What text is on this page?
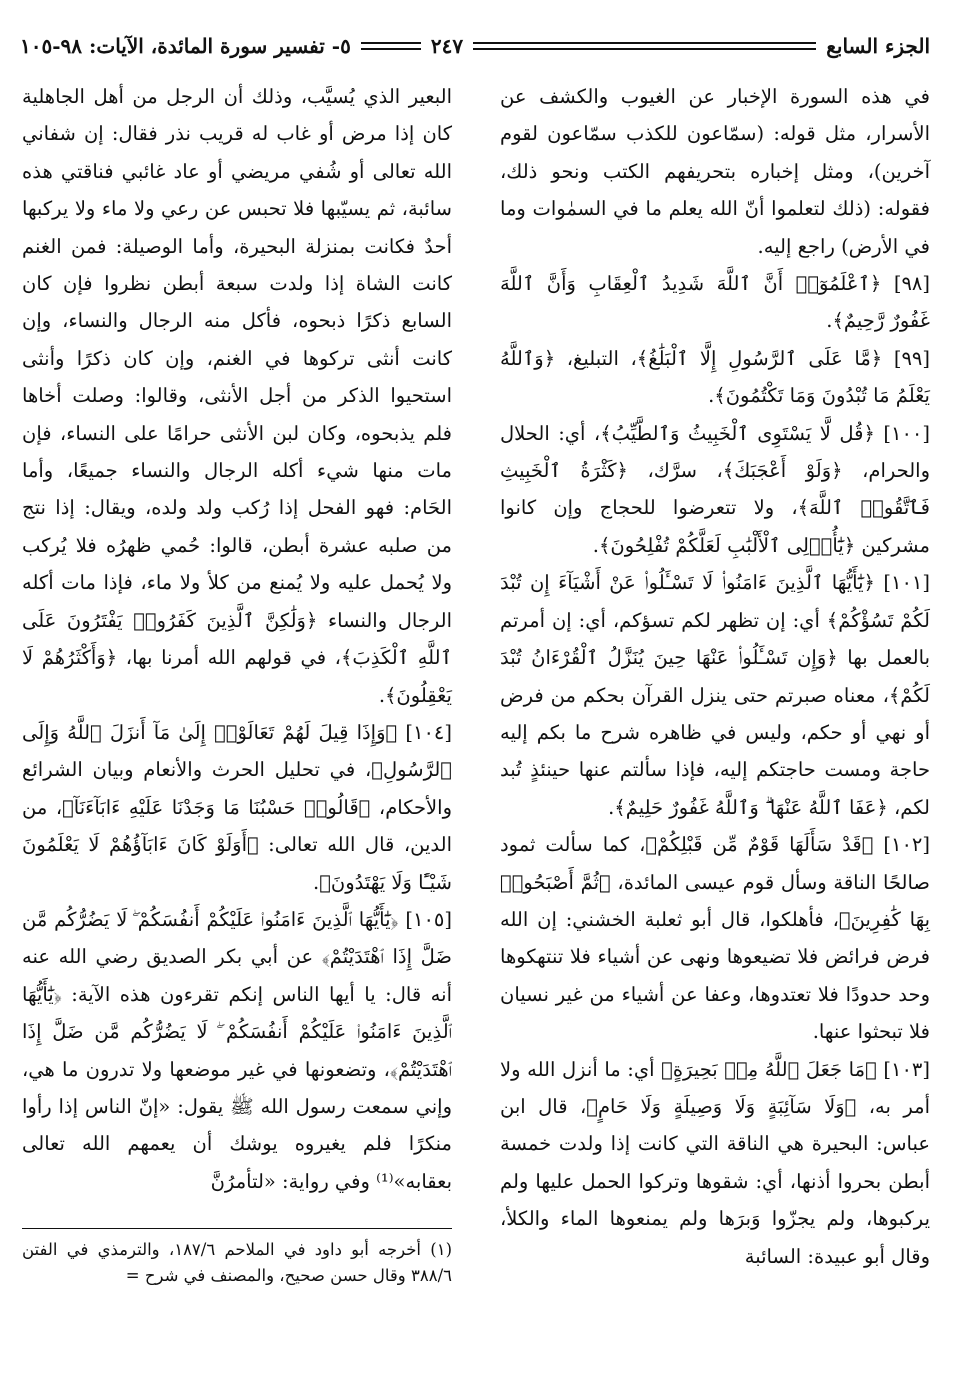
الجزء السابع
٢٤٧
٥- تفسير سورة المائدة، الآيات: ٩٨-١٠٥

في هذه السورة الإخبار عن الغيوب والكشف عن الأسرار، مثل قوله: (سمّاعون للكذب سمّاعون لقوم آخرين)، ومثل إخباره بتحريفهم الكتب ونحو ذلك، فقوله: (ذلك لتعلموا أنّ الله يعلم ما في السمٰوات وما في الأرض) راجع إليه.

[٩٨] ﴿ٱعْلَمُوٓا۟ أَنَّ ٱللَّهَ شَدِيدُ ٱلْعِقَابِ وَأَنَّ ٱللَّهَ غَفُورٌ رَّحِيمٌ﴾.

[٩٩] ﴿مَّا عَلَى ٱلرَّسُولِ إِلَّا ٱلْبَلَٰغُ﴾، التبليغ، ﴿وَٱللَّهُ يَعْلَمُ مَا تُبْدُونَ وَمَا تَكْتُمُونَ﴾.

[١٠٠] ﴿قُل لَّا يَسْتَوِى ٱلْخَبِيثُ وَٱلطَّيِّبُ﴾، أي: الحلال والحرام، ﴿وَلَوْ أَعْجَبَكَ﴾، سرَّك، ﴿كَثْرَةُ ٱلْخَبِيثِ فَٱتَّقُوا۟ ٱللَّهَ﴾، ولا تتعرضوا للحجاج وإن كانوا مشركين ﴿يَٰٓأُو۟لِى ٱلْأَلْبَٰبِ لَعَلَّكُمْ تُفْلِحُونَ﴾.

[١٠١] ﴿يَٰٓأَيُّهَا ٱلَّذِينَ ءَامَنُوا۟ لَا تَسْـَٔلُوا۟ عَنْ أَشْيَآءَ إِن تُبْدَ لَكُمْ تَسُؤْكُمْ﴾ أي: إن تظهر لكم تسؤكم، أي: إن أمرتم بالعمل بها ﴿وَإِن تَسْـَٔلُوا۟ عَنْهَا حِينَ يُنَزَّلُ ٱلْقُرْءَانُ تُبْدَ لَكُمْ﴾، معناه صبرتم حتى ينزل القرآن بحكم من فرض أو نهي أو حكم، وليس في ظاهره شرح ما بكم إليه حاجة ومست حاجتكم إليه، فإذا سألتم عنها حينئذٍ تُبد لكم، ﴿عَفَا ٱللَّهُ عَنْهَا ۗ وَٱللَّهُ غَفُورٌ حَلِيمٌ﴾.

[١٠٢] ﴿قَدْ سَأَلَهَا قَوْمٌ مِّن قَبْلِكُمْ﴾، كما سألت ثمود صالحًا الناقة وسأل قوم عيسى المائدة، ﴿ثُمَّ أَصْبَحُوا۟ بِهَا كَٰفِرِينَ﴾، فأهلكوا، قال أبو ثعلبة الخشني: إن الله فرض فرائض فلا تضيعوها ونهى عن أشياء فلا تنتهكوها وحد حدودًا فلا تعتدوها، وعفا عن أشياء من غير نسيان فلا تبحثوا عنها.

[١٠٣] ﴿مَا جَعَلَ ٱللَّهُ مِنۢ بَحِيرَةٍ﴾ أي: ما أنزل الله ولا أمر به، ﴿وَلَا سَآئِبَةٍ وَلَا وَصِيلَةٍ وَلَا حَامٍ﴾، قال ابن عباس: البحيرة هي الناقة التي كانت إذا ولدت خمسة أبطن بحروا أذنها، أي: شقوها وتركوا الحمل عليها ولم يركبوها، ولم يجزّوا وَبرَها ولم يمنعوها الماء والكلأ، وقال أبو عبيدة: السائبة

البعير الذي يُسيَّب، وذلك أن الرجل من أهل الجاهلية كان إذا مرض أو غاب له قريب نذر فقال: إن شفاني الله تعالى أو شُفي مريضي أو عاد غائبي فناقتي هذه سائبة، ثم يسيّبها فلا تحبس عن رعي ولا ماء ولا يركبها أحدٌ فكانت بمنزلة البحيرة، وأما الوصيلة: فمن الغنم كانت الشاة إذا ولدت سبعة أبطن نظروا فإن كان السابع ذكرًا ذبحوه، فأكل منه الرجال والنساء، وإن كانت أنثى تركوها في الغنم، وإن كان ذكرًا وأنثى استحيوا الذكر من أجل الأنثى، وقالوا: وصلت أخاها فلم يذبحوه، وكان لبن الأنثى حرامًا على النساء، فإن مات منها شيء أكله الرجال والنساء جميعًا، وأما الحَام: فهو الفحل إذا رُكب ولد ولده، ويقال: إذا نتج من صلبه عشرة أبطن، قالوا: حُمي ظهرُه فلا يُركب ولا يُحمل عليه ولا يُمنع من كلأ ولا ماء، فإذا مات أكله الرجال والنساء ﴿وَلَٰكِنَّ ٱلَّذِينَ كَفَرُوا۟ يَفْتَرُونَ عَلَى ٱللَّهِ ٱلْكَذِبَ﴾، في قولهم الله أمرنا بها، ﴿وَأَكْثَرُهُمْ لَا يَعْقِلُونَ﴾.

[١٠٤] ﴿وَإِذَا قِيلَ لَهُمْ تَعَالَوْا۟ إِلَىٰ مَآ أَنزَلَ ٱللَّهُ وَإِلَى ٱلرَّسُولِ﴾، في تحليل الحرث والأنعام وبيان الشرائع والأحكام، ﴿قَالُوا۟ حَسْبُنَا مَا وَجَدْنَا عَلَيْهِ ءَابَآءَنَآ﴾، من الدين، قال الله تعالى: ﴿أَوَلَوْ كَانَ ءَابَآؤُهُمْ لَا يَعْلَمُونَ شَيْـًٔا وَلَا يَهْتَدُونَ﴾.

[١٠٥] ﴿يَٰٓأَيُّهَا ٱلَّذِينَ ءَامَنُوا۟ عَلَيْكُمْ أَنفُسَكُمْ ۖ لَا يَضُرُّكُم مَّن ضَلَّ إِذَا ٱهْتَدَيْتُمْ﴾ عن أبي بكر الصديق رضي الله عنه أنه قال: يا أيها الناس إنكم تقرءون هذه الآية: ﴿يَٰٓأَيُّهَا ٱلَّذِينَ ءَامَنُوا۟ عَلَيْكُمْ أَنفُسَكُمْ ۖ لَا يَضُرُّكُم مَّن ضَلَّ إِذَا ٱهْتَدَيْتُمْ﴾، وتضعونها في غير موضعها ولا تدرون ما هي، وإني سمعت رسول الله ﷺ يقول: «إنّ الناس إذا رأوا منكرًا فلم يغيروه يوشك أن يعمهم الله تعالى بعقابه»⁽¹⁾ وفي رواية: «لتأمرُنَّ

(١) أخرجه أبو داود في الملاحم ١٨٧/٦، والترمذي في الفتن ٣٨٨/٦ وقال حسن صحيح، والمصنف في شرح =
